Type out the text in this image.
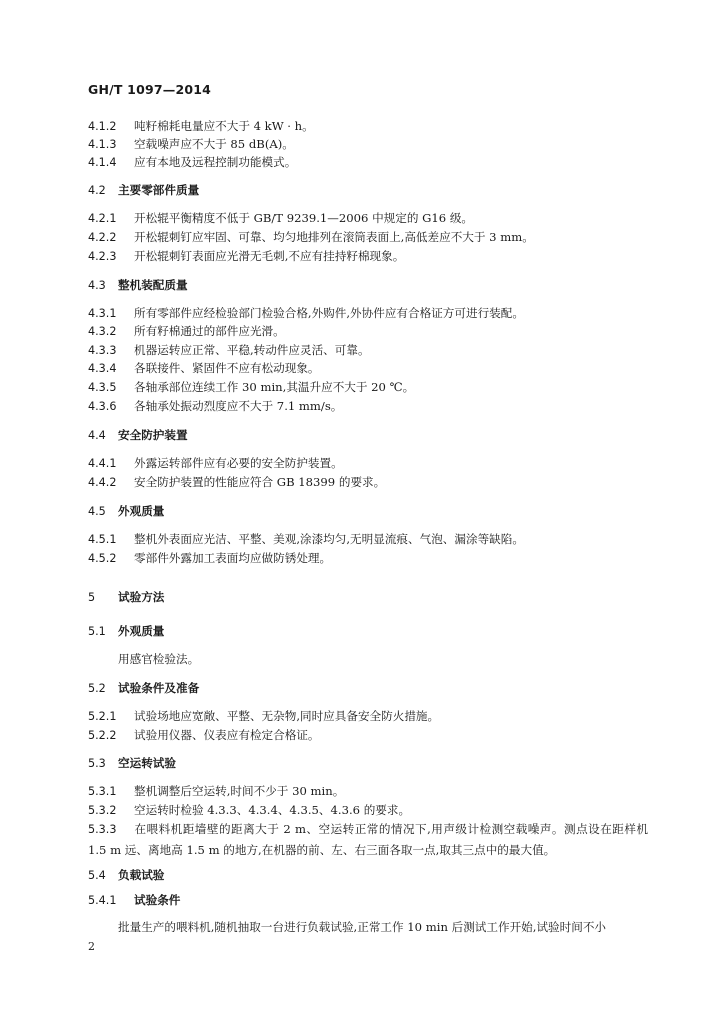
GH/T 1097—2014
4.1.2 吨籽棉耗电量应不大于 4 kW · h。
4.1.3 空载噪声应不大于 85 dB(A)。
4.1.4 应有本地及远程控制功能模式。
4.2 主要零部件质量
4.2.1 开松辊平衡精度不低于 GB/T 9239.1—2006 中规定的 G16 级。
4.2.2 开松辊刺钉应牢固、可靠、均匀地排列在滚筒表面上,高低差应不大于 3 mm。
4.2.3 开松辊刺钉表面应光滑无毛刺,不应有挂持籽棉现象。
4.3 整机装配质量
4.3.1 所有零部件应经检验部门检验合格,外购件,外协件应有合格证方可进行装配。
4.3.2 所有籽棉通过的部件应光滑。
4.3.3 机器运转应正常、平稳,转动件应灵活、可靠。
4.3.4 各联接件、紧固件不应有松动现象。
4.3.5 各轴承部位连续工作 30 min,其温升应不大于 20 ℃。
4.3.6 各轴承处振动烈度应不大于 7.1 mm/s。
4.4 安全防护装置
4.4.1 外露运转部件应有必要的安全防护装置。
4.4.2 安全防护装置的性能应符合 GB 18399 的要求。
4.5 外观质量
4.5.1 整机外表面应光洁、平整、美观,涂漆均匀,无明显流痕、气泡、漏涂等缺陷。
4.5.2 零部件外露加工表面均应做防锈处理。
5 试验方法
5.1 外观质量
用感官检验法。
5.2 试验条件及准备
5.2.1 试验场地应宽敞、平整、无杂物,同时应具备安全防火措施。
5.2.2 试验用仪器、仪表应有检定合格证。
5.3 空运转试验
5.3.1 整机调整后空运转,时间不少于 30 min。
5.3.2 空运转时检验 4.3.3、4.3.4、4.3.5、4.3.6 的要求。
5.3.3 在喂料机距墙壁的距离大于 2 m、空运转正常的情况下,用声级计检测空载噪声。测点设在距样机 1.5 m 远、离地高 1.5 m 的地方,在机器的前、左、右三面各取一点,取其三点中的最大值。
5.4 负载试验
5.4.1 试验条件
批量生产的喂料机,随机抽取一台进行负载试验,正常工作 10 min 后测试工作开始,试验时间不小
2
